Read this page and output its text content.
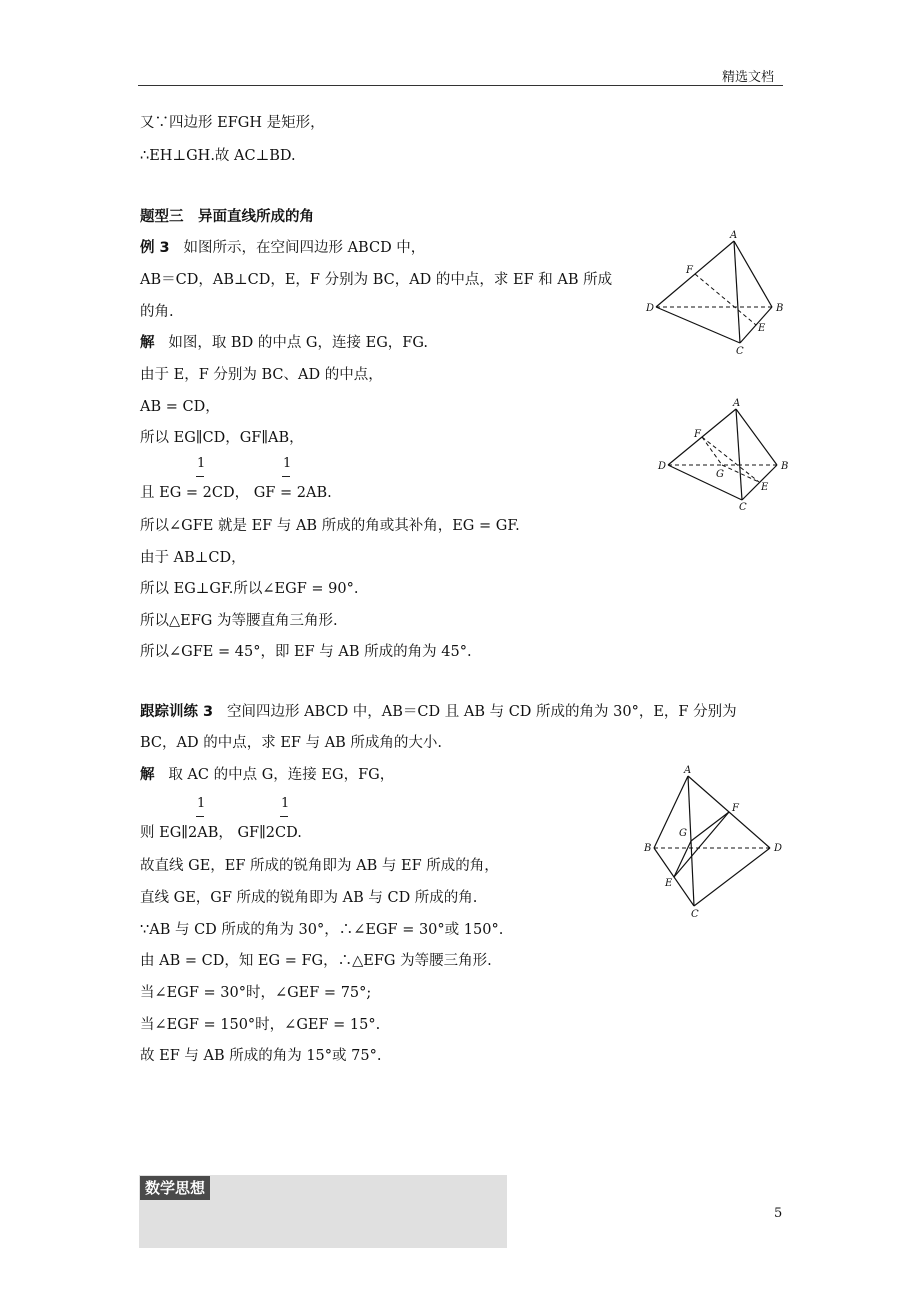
精选文档
又∵四边形 EFGH 是矩形，
∴EH⊥GH.故 AC⊥BD.
题型三　异面直线所成的角
例 3 如图所示，在空间四边形 ABCD 中，
AB＝CD，AB⊥CD，E，F 分别为 BC，AD 的中点，求 EF 和 AB 所成
的角.
解 如图，取 BD 的中点 G，连接 EG，FG.
由于 E，F 分别为 BC、AD 的中点，
AB = CD，
所以 EG∥CD，GF∥AB，
1	1
且 EG = 2CD， GF = 2AB.
所以∠GFE 就是 EF 与 AB 所成的角或其补角，EG = GF.
由于 AB⊥CD，
所以 EG⊥GF.所以∠EGF = 90°.
所以△EFG 为等腰直角三角形.
所以∠GFE = 45°，即 EF 与 AB 所成的角为 45°.
跟踪训练 3 空间四边形 ABCD 中，AB＝CD 且 AB 与 CD 所成的角为 30°，E，F 分别为
BC，AD 的中点，求 EF 与 AB 所成角的大小.
解 取 AC 的中点 G，连接 EG，FG，
1	1
则 EG∥2AB， GF∥2CD.
故直线 GE，EF 所成的锐角即为 AB 与 EF 所成的角，
直线 GE，GF 所成的锐角即为 AB 与 CD 所成的角.
∵AB 与 CD 所成的角为 30°，∴∠EGF = 30°或 150°.
由 AB = CD，知 EG = FG，∴△EFG 为等腰三角形.
当∠EGF = 30°时，∠GEF = 75°;
当∠EGF = 150°时，∠GEF = 15°.
故 EF 与 AB 所成的角为 15°或 75°.
A
B
C
D
E
F
A
B
C
D
E
F
G
A
B
C
D
E
F
G
数学思想
5
